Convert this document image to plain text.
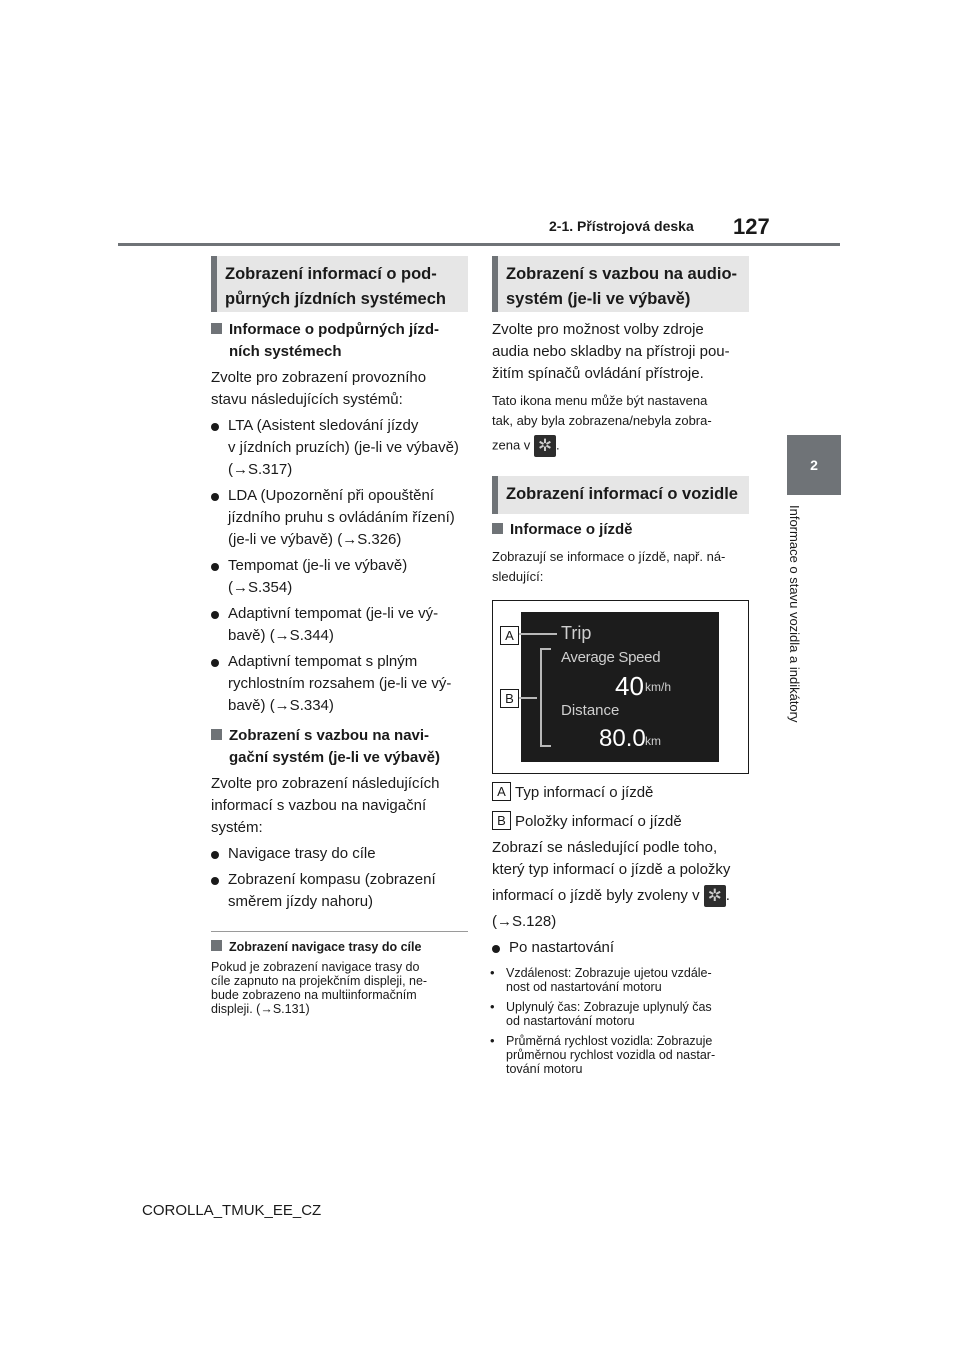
2-1. Přístrojová deska 127
2
Informace o stavu vozidla a indikátory
Zobrazení informací o pod-
půrných jízdních systémech
Informace o podpůrných jízd-
ních systémech
Zvolte pro zobrazení provozního
stavu následujících systémů:
LTA (Asistent sledování jízdy
v jízdních pruzích) (je-li ve výbavě)
(→S.317)
LDA (Upozornění při opouštění
jízdního pruhu s ovládáním řízení)
(je-li ve výbavě) (→S.326)
Tempomat (je-li ve výbavě)
(→S.354)
Adaptivní tempomat (je-li ve vý-
bavě) (→S.344)
Adaptivní tempomat s plným
rychlostním rozsahem (je-li ve vý-
bavě) (→S.334)
Zobrazení s vazbou na navi-
gační systém (je-li ve výbavě)
Zvolte pro zobrazení následujících
informací s vazbou na navigační
systém:
Navigace trasy do cíle
Zobrazení kompasu (zobrazení
směrem jízdy nahoru)
Zobrazení navigace trasy do cíle
Pokud je zobrazení navigace trasy do
cíle zapnuto na projekčním displeji, ne-
bude zobrazeno na multiinformačním
displeji. (→S.131)
Zobrazení s vazbou na audio-
systém (je-li ve výbavě)
Zvolte pro možnost volby zdroje
audia nebo skladby na přístroji pou-
žitím spínačů ovládání přístroje.
Tato ikona menu může být nastavena
tak, aby byla zobrazena/nebyla zobra-
zena v ✲ .
Zobrazení informací o vozidle
Informace o jízdě
Zobrazují se informace o jízdě, např. ná-
sledující:
A
B
Trip
Average Speed
40 km/h
Distance
80.0 km
A Typ informací o jízdě
B Položky informací o jízdě
Zobrazí se následující podle toho,
který typ informací o jízdě a položky
informací o jízdě byly zvoleny v ✲ .
(→S.128)
Po nastartování
• Vzdálenost: Zobrazuje ujetou vzdále-
nost od nastartování motoru
• Uplynulý čas: Zobrazuje uplynulý čas
od nastartování motoru
• Průměrná rychlost vozidla: Zobrazuje
průměrnou rychlost vozidla od nastar-
tování motoru
COROLLA_TMUK_EE_CZ
